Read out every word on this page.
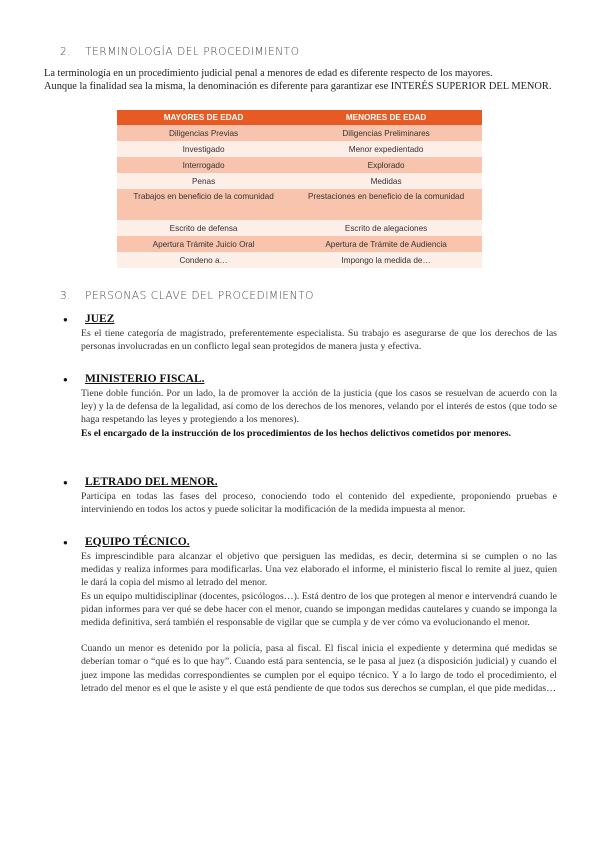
2. TERMINOLOGÍA DEL PROCEDIMIENTO
La terminología en un procedimiento judicial penal a menores de edad es diferente respecto de los mayores.
Aunque la finalidad sea la misma, la denominación es diferente para garantizar ese INTERÉS SUPERIOR DEL MENOR.
MAYORES DE EDAD	MENORES DE EDAD
Diligencias Previas	Diligencias Preliminares
Investigado	Menor expedientado
Interrogado	Explorado
Penas	Medidas
Trabajos en beneficio de la comunidad	Prestaciones en beneficio de la comunidad
Escrito de defensa	Escrito de alegaciones
Apertura Trámite Juicio Oral	Apertura de Trámite de Audiencia
Condeno a…	Impongo la medida de…
3. PERSONAS CLAVE DEL PROCEDIMIENTO
● JUEZ

Es el tiene categoría de magistrado, preferentemente especialista. Su trabajo es asegurarse de que los derechos de las personas involucradas en un conflicto legal sean protegidos de manera justa y efectiva.

● MINISTERIO FISCAL.

Tiene doble función. Por un lado, la de promover la acción de la justicia (que los casos se resuelvan de acuerdo con la ley) y la de defensa de la legalidad, así como de los derechos de los menores, velando por el interés de estos (que todo se haga respetando las leyes y protegiendo a los menores).

Es el encargado de la instrucción de los procedimientos de los hechos delictivos cometidos por menores.

● LETRADO DEL MENOR.

Participa en todas las fases del proceso, conociendo todo el contenido del expediente, proponiendo pruebas e interviniendo en todos los actos y puede solicitar la modificación de la medida impuesta al menor.

● EQUIPO TÉCNICO.

Es imprescindible para alcanzar el objetivo que persiguen las medidas, es decir, determina si se cumplen o no las medidas y realiza informes para modificarlas. Una vez elaborado el informe, el ministerio fiscal lo remite al juez, quien le dará la copia del mismo al letrado del menor.

Es un equipo multidisciplinar (docentes, psicólogos…). Está dentro de los que protegen al menor e intervendrá cuando le pidan informes para ver qué se debe hacer con el menor, cuando se impongan medidas cautelares y cuando se imponga la medida definitiva, será también el responsable de vigilar que se cumpla y de ver cómo va evolucionando el menor.

Cuando un menor es detenido por la policía, pasa al fiscal. El fiscal inicia el expediente y determina qué medidas se deberían tomar o “qué es lo que hay”. Cuando está para sentencia, se le pasa al juez (a disposición judicial) y cuando el juez impone las medidas correspondientes se cumplen por el equipo técnico. Y a lo largo de todo el procedimiento, el letrado del menor es el que le asiste y el que está pendiente de que todos sus derechos se cumplan, el que pide medidas…
